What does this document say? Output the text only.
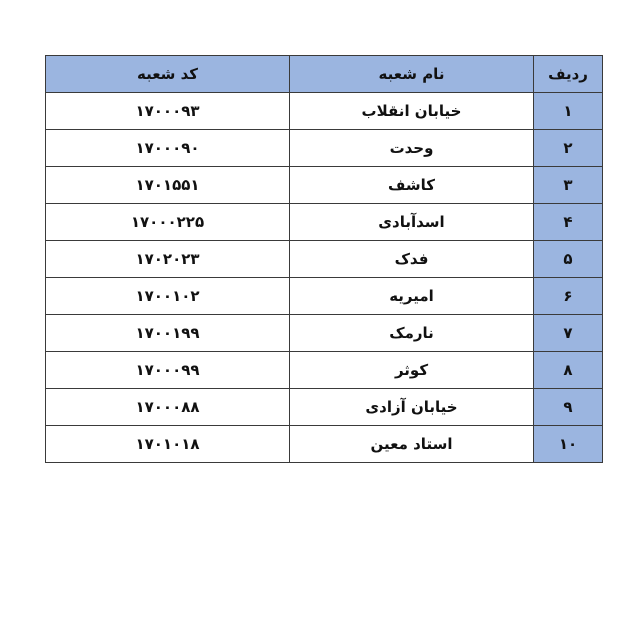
ردیف	نام شعبه	کد شعبه
۱	خیابان انقلاب	۱۷۰۰۰۹۳
۲	وحدت	۱۷۰۰۰۹۰
۳	کاشف	۱۷۰۱۵۵۱
۴	اسدآبادی	۱۷۰۰۰۲۲۵
۵	فدک	۱۷۰۲۰۲۳
۶	امیریه	۱۷۰۰۱۰۲
۷	نارمک	۱۷۰۰۱۹۹
۸	کوثر	۱۷۰۰۰۹۹
۹	خیابان آزادی	۱۷۰۰۰۸۸
۱۰	استاد معین	۱۷۰۱۰۱۸
